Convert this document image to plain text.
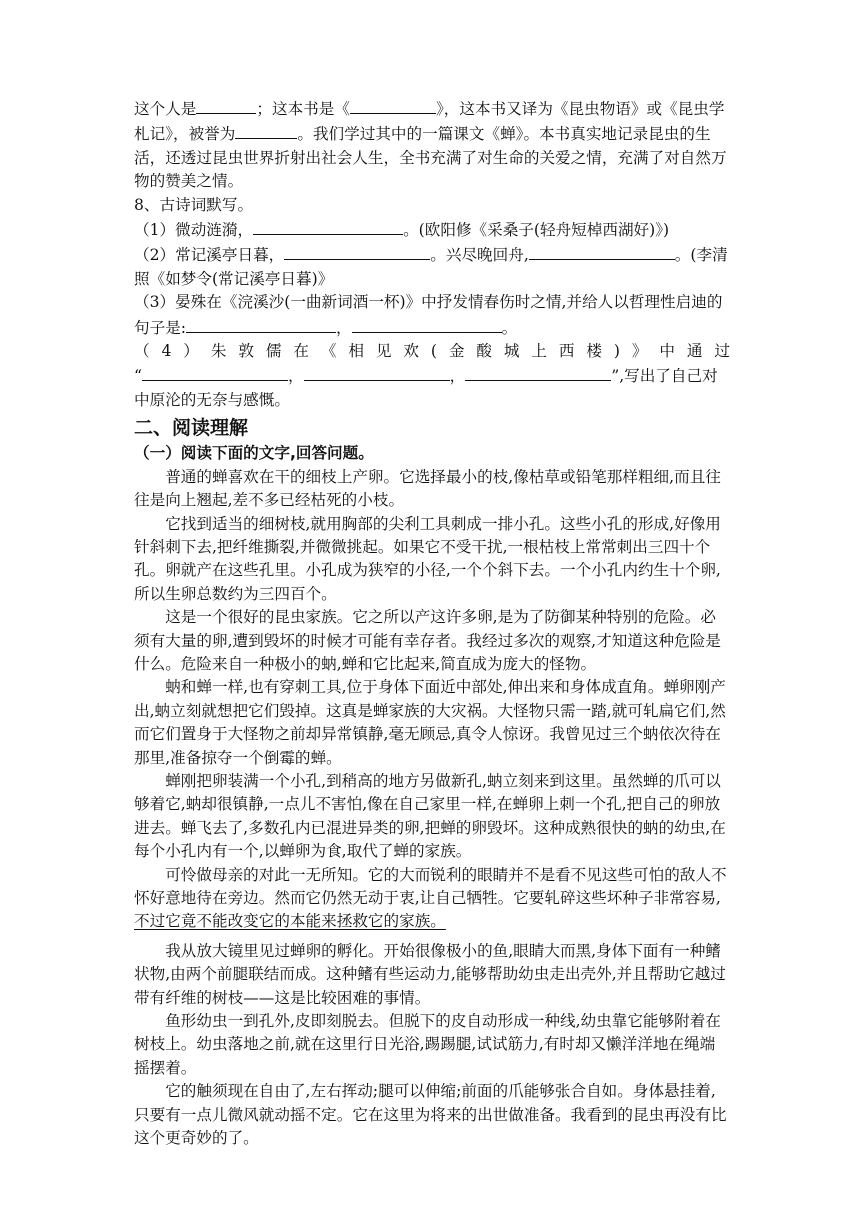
这个人是	；这本书是《	》，这本书又译为《昆虫物语》或《昆虫学札记》，被誉为	。我们学过其中的一篇课文《蝉》。本书真实地记录昆虫的生活，还透过昆虫世界折射出社会人生，全书充满了对生命的关爱之情，充满了对自然万物的赞美之情。

8、古诗词默写。

（1）微动涟漪，	。(欧阳修《采桑子(轻舟短棹西湖好)》)

（2）常记溪亭日暮，	。兴尽晚回舟,	。(李清照《如梦令(常记溪亭日暮)》

（3）晏殊在《浣溪沙(一曲新词酒一杯)》中抒发情春伤时之情,并给人以哲理性启迪的句子是:	，	。

（4）朱敦儒在《相见欢(金酸城上西楼)》中通过

“	，	，	”,写出了自己对中原沦的无奈与感慨。

二、阅读理解

（一）阅读下面的文字,回答问题。

普通的蝉喜欢在干的细枝上产卵。它选择最小的枝,像枯草或铅笔那样粗细,而且往往是向上翘起,差不多已经枯死的小枝。

它找到适当的细树枝,就用胸部的尖利工具刺成一排小孔。这些小孔的形成,好像用针斜刺下去,把纤维撕裂,并微微挑起。如果它不受干扰,一根枯枝上常常刺出三四十个孔。卵就产在这些孔里。小孔成为狭窄的小径,一个个斜下去。一个小孔内约生十个卵,所以生卵总数约为三四百个。

这是一个很好的昆虫家族。它之所以产这许多卵,是为了防御某种特别的危险。必须有大量的卵,遭到毁坏的时候才可能有幸存者。我经过多次的观察,才知道这种危险是什么。危险来自一种极小的蚋,蝉和它比起来,简直成为庞大的怪物。

蚋和蝉一样,也有穿刺工具,位于身体下面近中部处,伸出来和身体成直角。蝉卵刚产出,蚋立刻就想把它们毁掉。这真是蝉家族的大灾祸。大怪物只需一踏,就可轧扁它们,然而它们置身于大怪物之前却异常镇静,毫无顾忌,真令人惊讶。我曾见过三个蚋依次待在那里,准备掠夺一个倒霉的蝉。

蝉刚把卵装满一个小孔,到稍高的地方另做新孔,蚋立刻来到这里。虽然蝉的爪可以够着它,蚋却很镇静,一点儿不害怕,像在自己家里一样,在蝉卵上刺一个孔,把自己的卵放进去。蝉飞去了,多数孔内已混进异类的卵,把蝉的卵毁坏。这种成熟很快的蚋的幼虫,在每个小孔内有一个,以蝉卵为食,取代了蝉的家族。

可怜做母亲的对此一无所知。它的大而锐利的眼睛并不是看不见这些可怕的敌人不怀好意地待在旁边。然而它仍然无动于衷,让自己牺牲。它要轧碎这些坏种子非常容易,不过它竟不能改变它的本能来拯救它的家族。

我从放大镜里见过蝉卵的孵化。开始很像极小的鱼,眼睛大而黑,身体下面有一种鳍状物,由两个前腿联结而成。这种鳍有些运动力,能够帮助幼虫走出壳外,并且帮助它越过带有纤维的树枝——这是比较困难的事情。

鱼形幼虫一到孔外,皮即刻脱去。但脱下的皮自动形成一种线,幼虫靠它能够附着在树枝上。幼虫落地之前,就在这里行日光浴,踢踢腿,试试筋力,有时却又懒洋洋地在绳端摇摆着。

它的触须现在自由了,左右挥动;腿可以伸缩;前面的爪能够张合自如。身体悬挂着,只要有一点儿微风就动摇不定。它在这里为将来的出世做准备。我看到的昆虫再没有比这个更奇妙的了。
